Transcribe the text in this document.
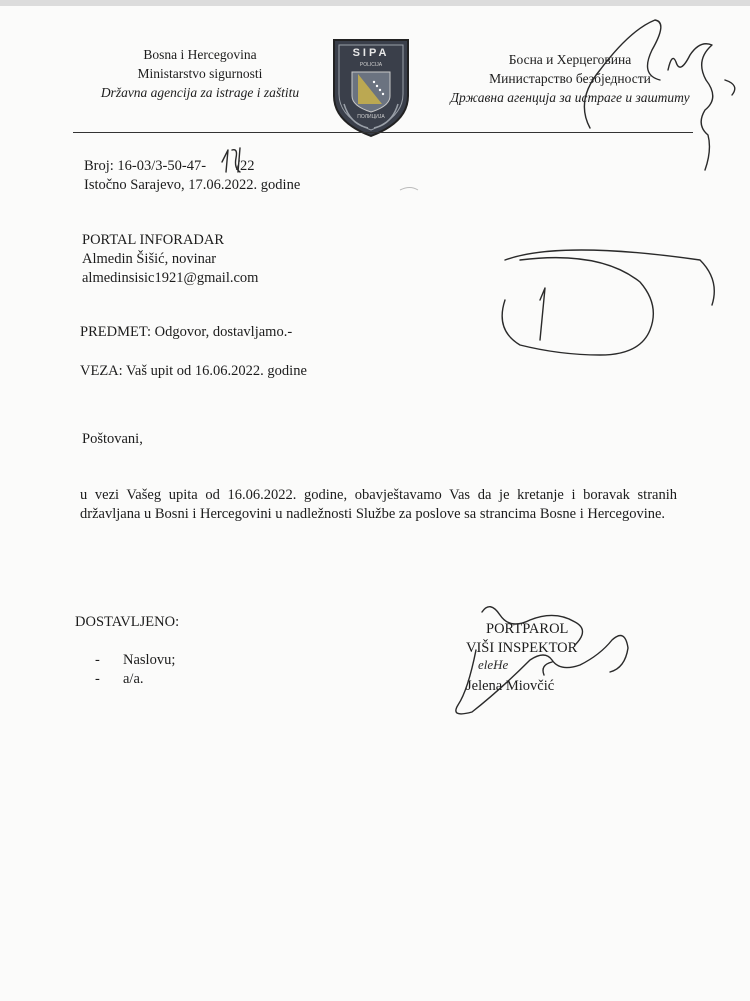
Bosna i Hercegovina
Ministarstvo sigurnosti
Državna agencija za istrage i zaštitu
SIPA
POLICIJA
ПОЛИЦИЈА
Босна и Херцеговина
Министарство безбједности
Државна агенција за истраге и заштиту
Broj: 16-03/3-50-47- /22
Istočno Sarajevo, 17.06.2022. godine
PORTAL INFORADAR
Almedin Šišić, novinar
almedinsisic1921@gmail.com
PREDMET: Odgovor, dostavljamo.-
VEZA: Vaš upit od 16.06.2022. godine
Poštovani,
u vezi Vašeg upita od 16.06.2022. godine, obavještavamo Vas da je kretanje i boravak stranih državljana u Bosni i Hercegovini u nadležnosti Službe za poslove sa strancima Bosne i Hercegovine.
DOSTAVLJENO:
- Naslovu;
- a/a.
PORTPAROL
VIŠI INSPEKTOR
Jelena Miovčić
eleHe
